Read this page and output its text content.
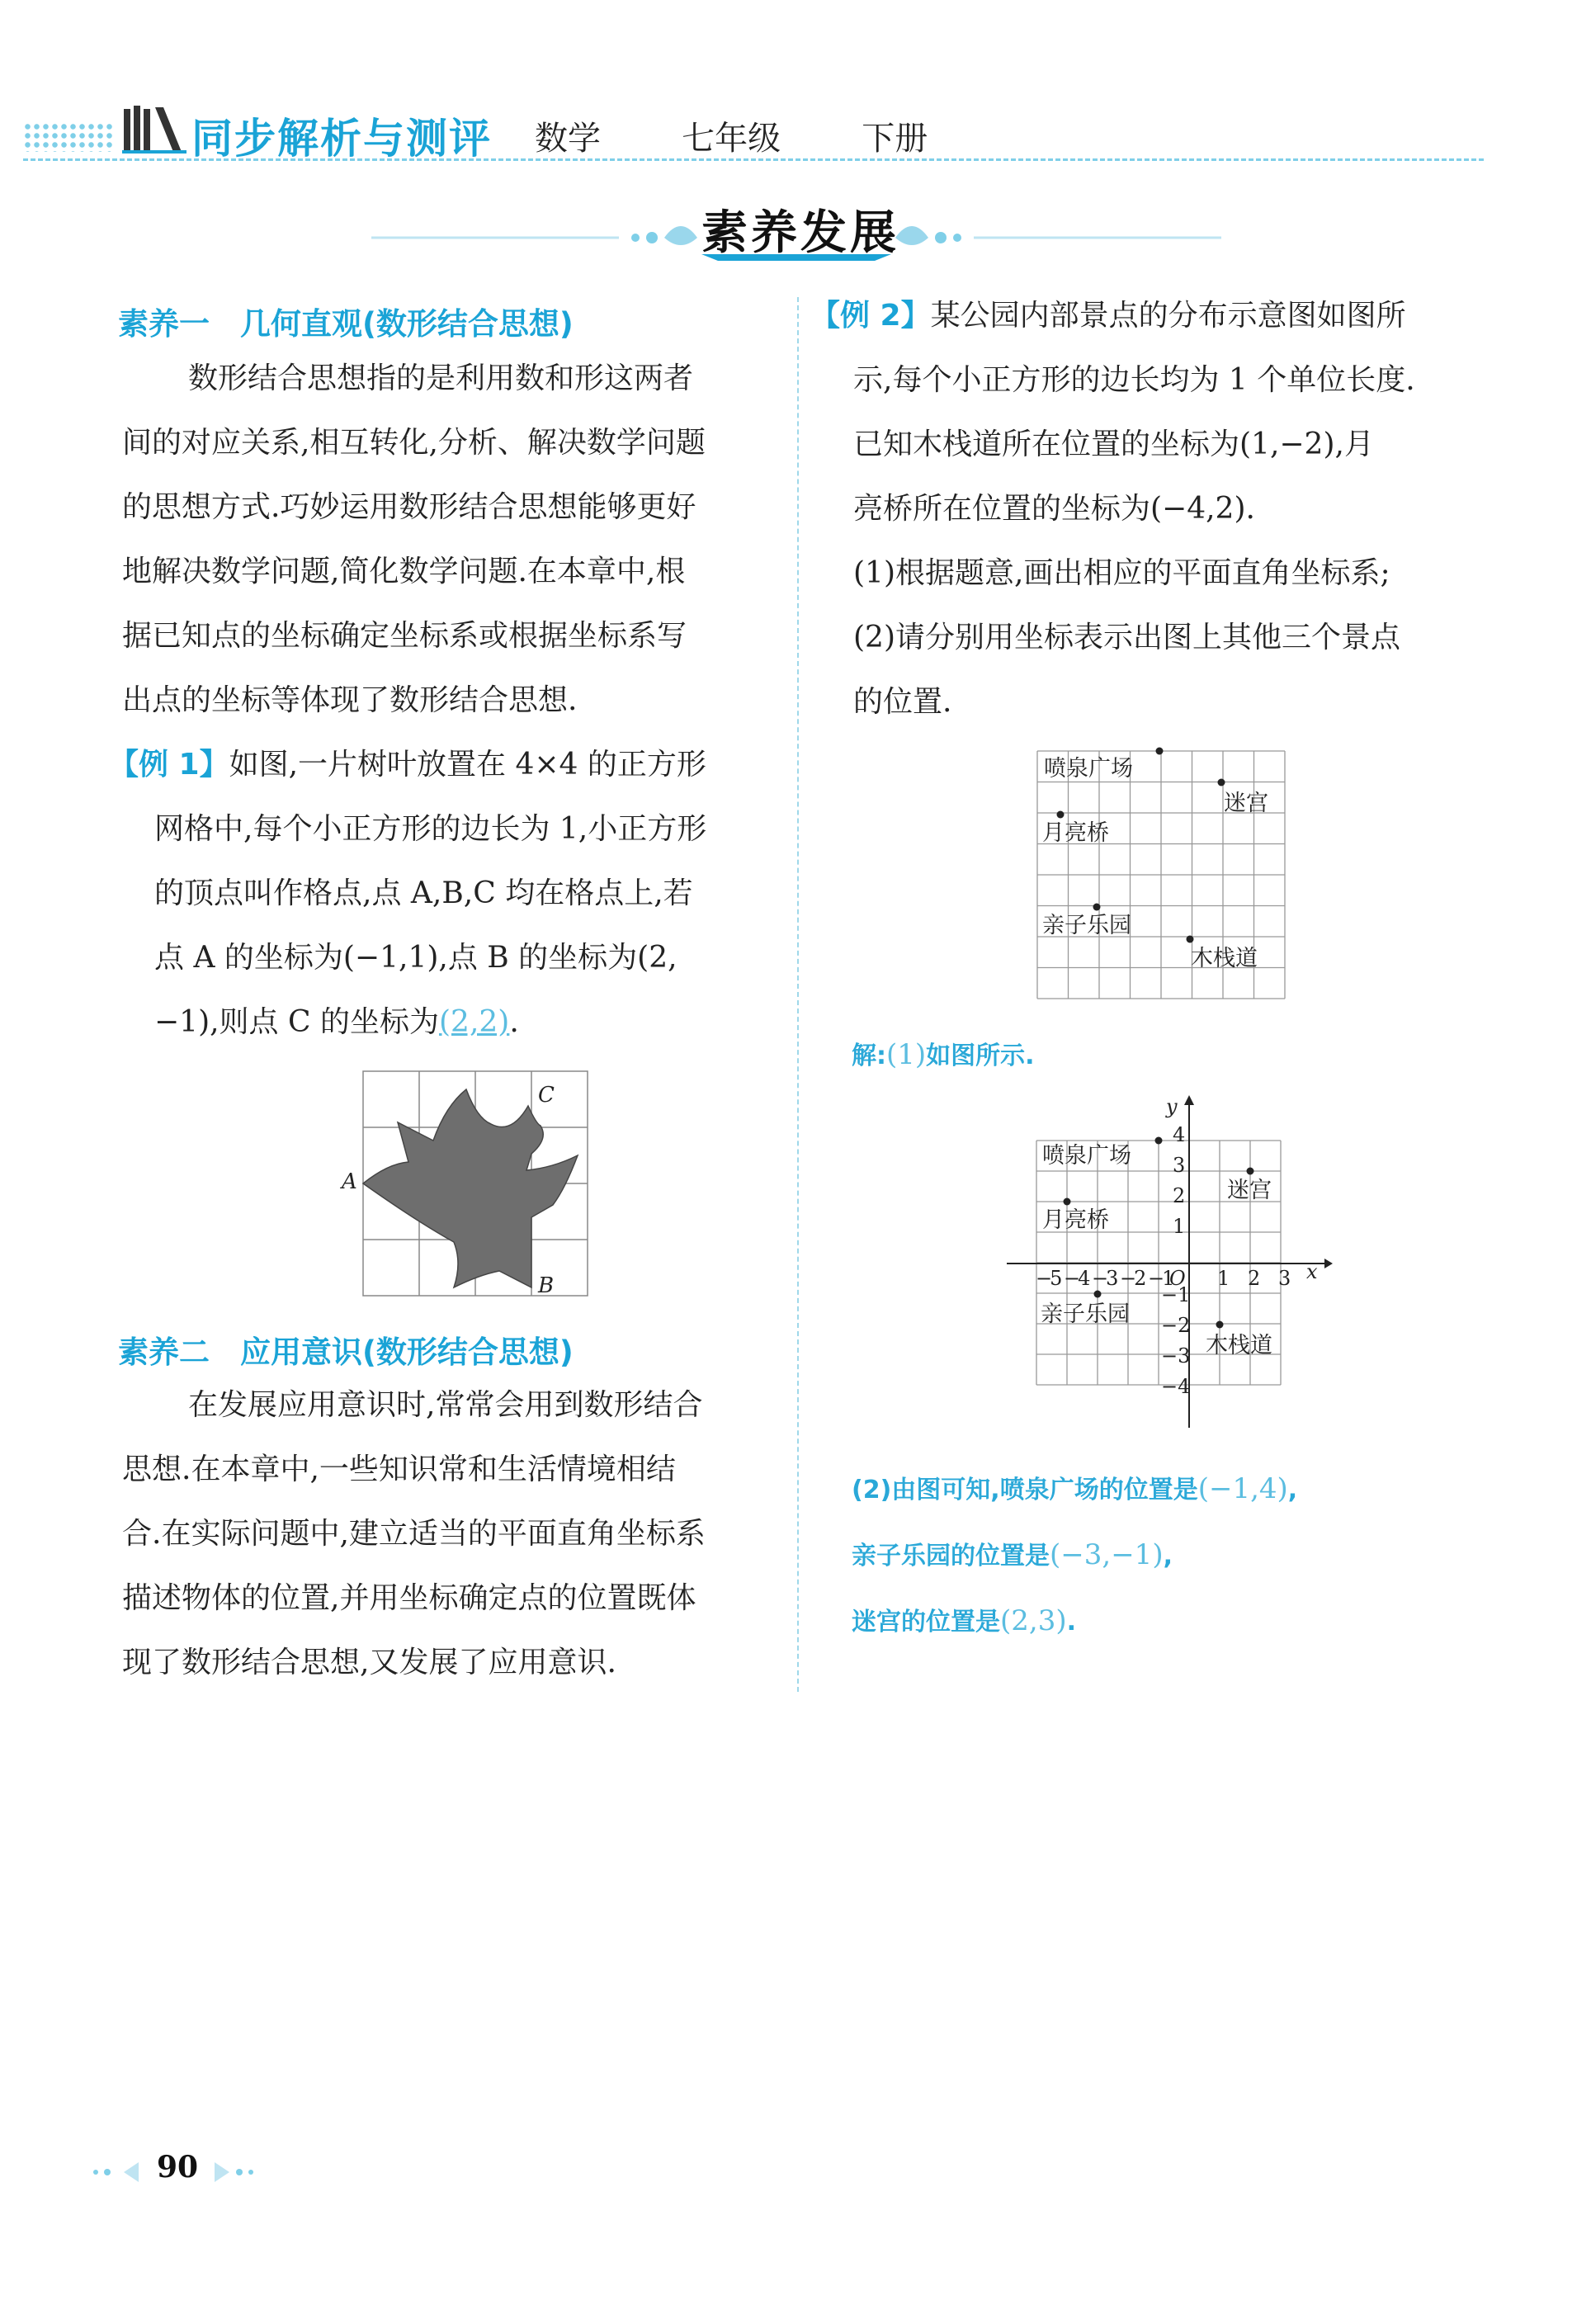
同步解析与测评 数学   七年级   下册
素养发展
素养一　几何直观(数形结合思想)
数形结合思想指的是利用数和形这两者
间的对应关系,相互转化,分析、解决数学问题
的思想方式.巧妙运用数形结合思想能够更好
地解决数学问题,简化数学问题.在本章中,根
据已知点的坐标确定坐标系或根据坐标系写
出点的坐标等体现了数形结合思想.
【例 1】如图,一片树叶放置在 4×4 的正方形
网格中,每个小正方形的边长为 1,小正方形
的顶点叫作格点,点 A,B,C 均在格点上,若
点 A 的坐标为(−1,1),点 B 的坐标为(2,
−1),则点 C 的坐标为(2,2).
A
C
B
素养二　应用意识(数形结合思想)
在发展应用意识时,常常会用到数形结合
思想.在本章中,一些知识常和生活情境相结
合.在实际问题中,建立适当的平面直角坐标系
描述物体的位置,并用坐标确定点的位置既体
现了数形结合思想,又发展了应用意识.
【例 2】某公园内部景点的分布示意图如图所
示,每个小正方形的边长均为 1 个单位长度.
已知木栈道所在位置的坐标为(1,−2),月
亮桥所在位置的坐标为(−4,2).
(1)根据题意,画出相应的平面直角坐标系;
(2)请分别用坐标表示出图上其他三个景点
的位置.
喷泉广场
迷宫
月亮桥
亲子乐园
木栈道
解:(1)如图所示.
x
y
O
−5 −4 −3 −2 −1 1 2 3
4
3
2
1
−1
−2
−3
−4
喷泉广场
迷宫
月亮桥
亲子乐园
木栈道
(2)由图可知,喷泉广场的位置是(−1,4),
亲子乐园的位置是(−3,−1),
迷宫的位置是(2,3).
90
